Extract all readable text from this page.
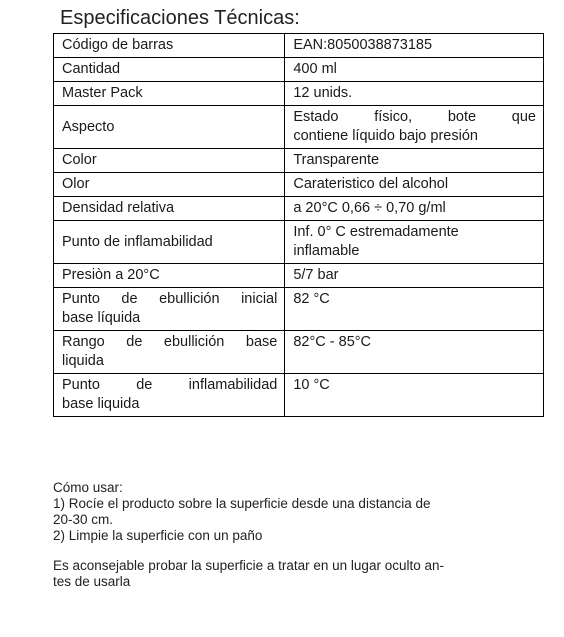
Especificaciones Técnicas:
Código de barras	EAN:8050038873185
Cantidad	400 ml
Master Pack	12 unids.
Aspecto	Estado físico, bote que
contiene líquido bajo presión
Color	Transparente
Olor	Carateristico del alcohol
Densidad relativa	a 20°C 0,66 ÷ 0,70 g/ml
Punto de inflamabilidad	Inf. 0° C estremadamente
inflamable
Presiòn a 20°C	5/7 bar

Punto de ebullición inicial
base líquida	82 °C

Rango de ebullición base
liquida	82°C - 85°C

Punto de inflamabilidad
base liquida	10 °C

Cómo usar:

1) Rocíe el producto sobre la superficie desde una distancia de

20-30 cm.

2) Limpie la superficie con un paño

Es aconsejable probar la superficie a tratar en un lugar oculto an-

tes de usarla
